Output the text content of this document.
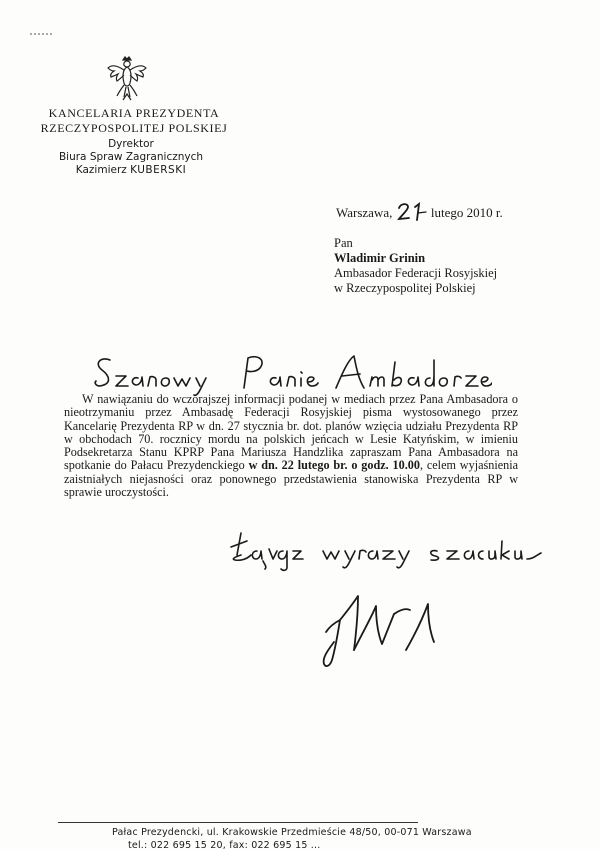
KANCELARIA PREZYDENTA
RZECZYPOSPOLITEJ POLSKIEJ
Dyrektor
Biura Spraw Zagranicznych
Kazimierz KUBERSKI
Warszawa,	lutego 2010 r.
Pan
Wladimir Grinin
Ambasador Federacji Rosyjskiej
w Rzeczypospolitej Polskiej
W nawiązaniu do wczorajszej informacji podanej w mediach przez Pana Ambasadora o nieotrzymaniu przez Ambasadę Federacji Rosyjskiej pisma wystosowanego przez Kancelarię Prezydenta RP w dn. 27 stycznia br. dot. planów wzięcia udziału Prezydenta RP w obchodach 70. rocznicy mordu na polskich jeńcach w Lesie Katyńskim, w imieniu Podsekretarza Stanu KPRP Pana Mariusza Handzlika zapraszam Pana Ambasadora na spotkanie do Pałacu Prezydenckiego w dn. 22 lutego br. o godz. 10.00, celem wyjaśnienia zaistniałych niejasności oraz ponownego przedstawienia stanowiska Prezydenta RP w sprawie uroczystości.
Pałac Prezydencki, ul. Krakowskie Przedmieście 48/50, 00-071 Warszawa
tel.: 022 695 15 20, fax: 022 695 15 ...
